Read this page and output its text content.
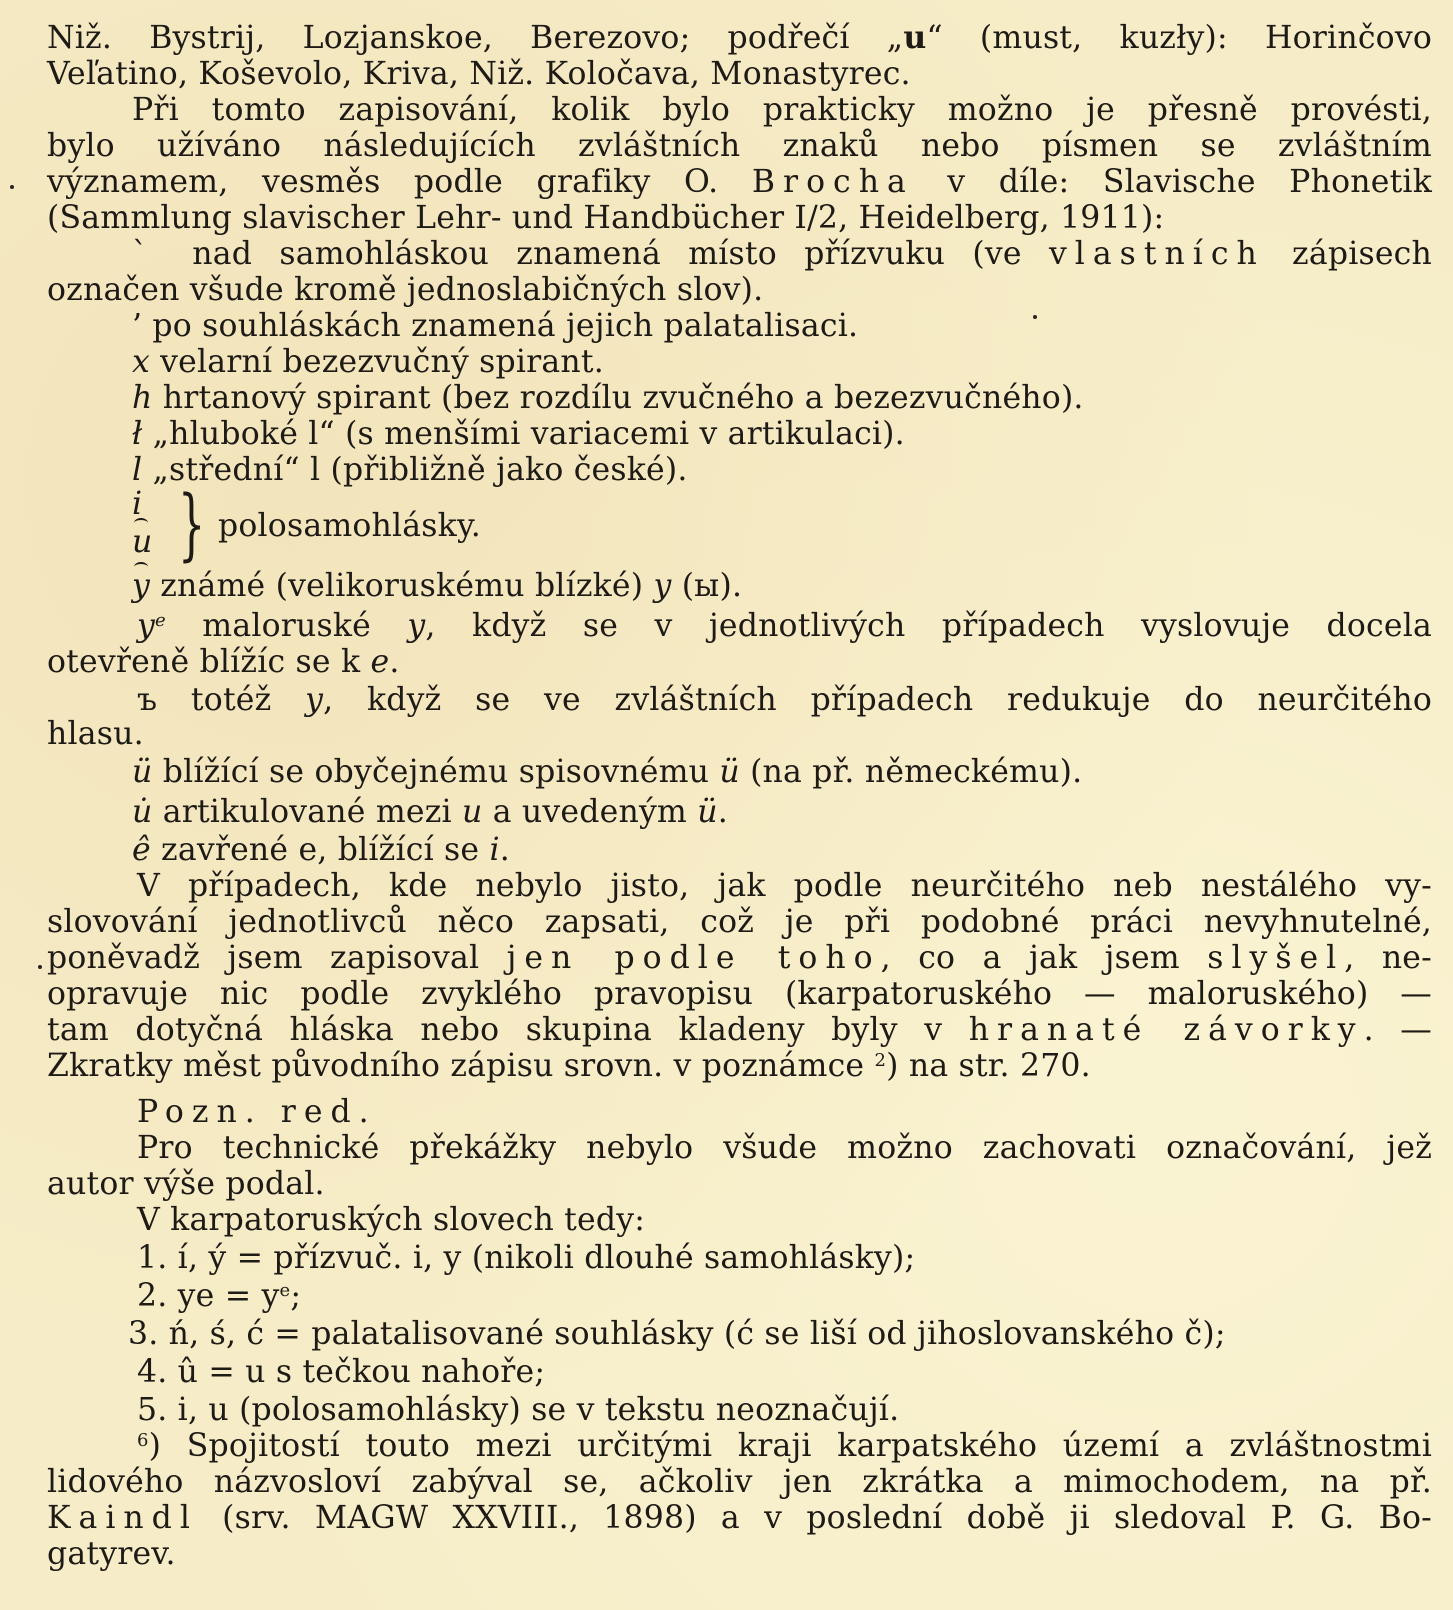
Niž. Bystrij, Lozjanskoe, Berezovo; podřečí „u“ (must, kuzły): Horinčovo
Veľatino, Koševolo, Kriva, Niž. Koločava, Monastyrec.
Při tomto zapisování, kolik bylo prakticky možno je přesně provésti,
bylo užíváno následujících zvláštních znaků nebo písmen se zvláštním
významem, vesměs podle grafiky O. Brocha v díle: Slavische Phonetik
(Sammlung slavischer Lehr- und Handbücher I/2, Heidelberg, 1911):
ˋ nad samohláskou znamená místo přízvuku (ve vlastních zápisech
označen všude kromě jednoslabičných slov).
’ po souhláskách znamená jejich palatalisaci.
x velarní bezezvučný spirant.
h hrtanový spirant (bez rozdílu zvučného a bezezvučného).
ł „hluboké l“ (s menšími variacemi v artikulaci).
l „střední“ l (přibližně jako české).
i
u } polosamohlásky.
y známé (velikoruskému blízké) y (ы).
$y^e$ maloruské y, když se v jednotlivých případech vyslovuje docela
otevřeně blížíc se k e.
ъ totéž y, když se ve zvláštních případech redukuje do neurčitého
hlasu.
ü blížící se obyčejnému spisovnému ü (na př. německému).
u̇ artikulované mezi u a uvedeným ü.
ê zavřené e, blížící se i.
V případech, kde nebylo jisto, jak podle neurčitého neb nestálého vy-
slovování jednotlivců něco zapsati, což je při podobné práci nevyhnutelné,
poněvadž jsem zapisoval jen podle toho, co a jak jsem slyšel, ne-
opravuje nic podle zvyklého pravopisu (karpatoruského — maloruského) —
tam dotyčná hláska nebo skupina kladeny byly v hranaté závorky. —
Zkratky měst původního zápisu srovn. v poznámce $^2$) na str. 270.
Pozn. red.
Pro technické překážky nebylo všude možno zachovati označování, jež
autor výše podal.
V karpatoruských slovech tedy:
1. í, ý = přízvuč. i, y (nikoli dlouhé samohlásky);
2. ye = $y^e$;
3. ń, ś, ć = palatalisované souhlásky (ć se liší od jihoslovanského č);
4. û = u s tečkou nahoře;
5. i, u (polosamohlásky) se v tekstu neoznačují.
$^6$) Spojitostí touto mezi určitými kraji karpatského území a zvláštnostmi
lidového názvosloví zabýval se, ačkoliv jen zkrátka a mimochodem, na př.
Kaindl (srv. MAGW XXVIII., 1898) a v poslední době ji sledoval P. G. Bo-
gatyrev.
